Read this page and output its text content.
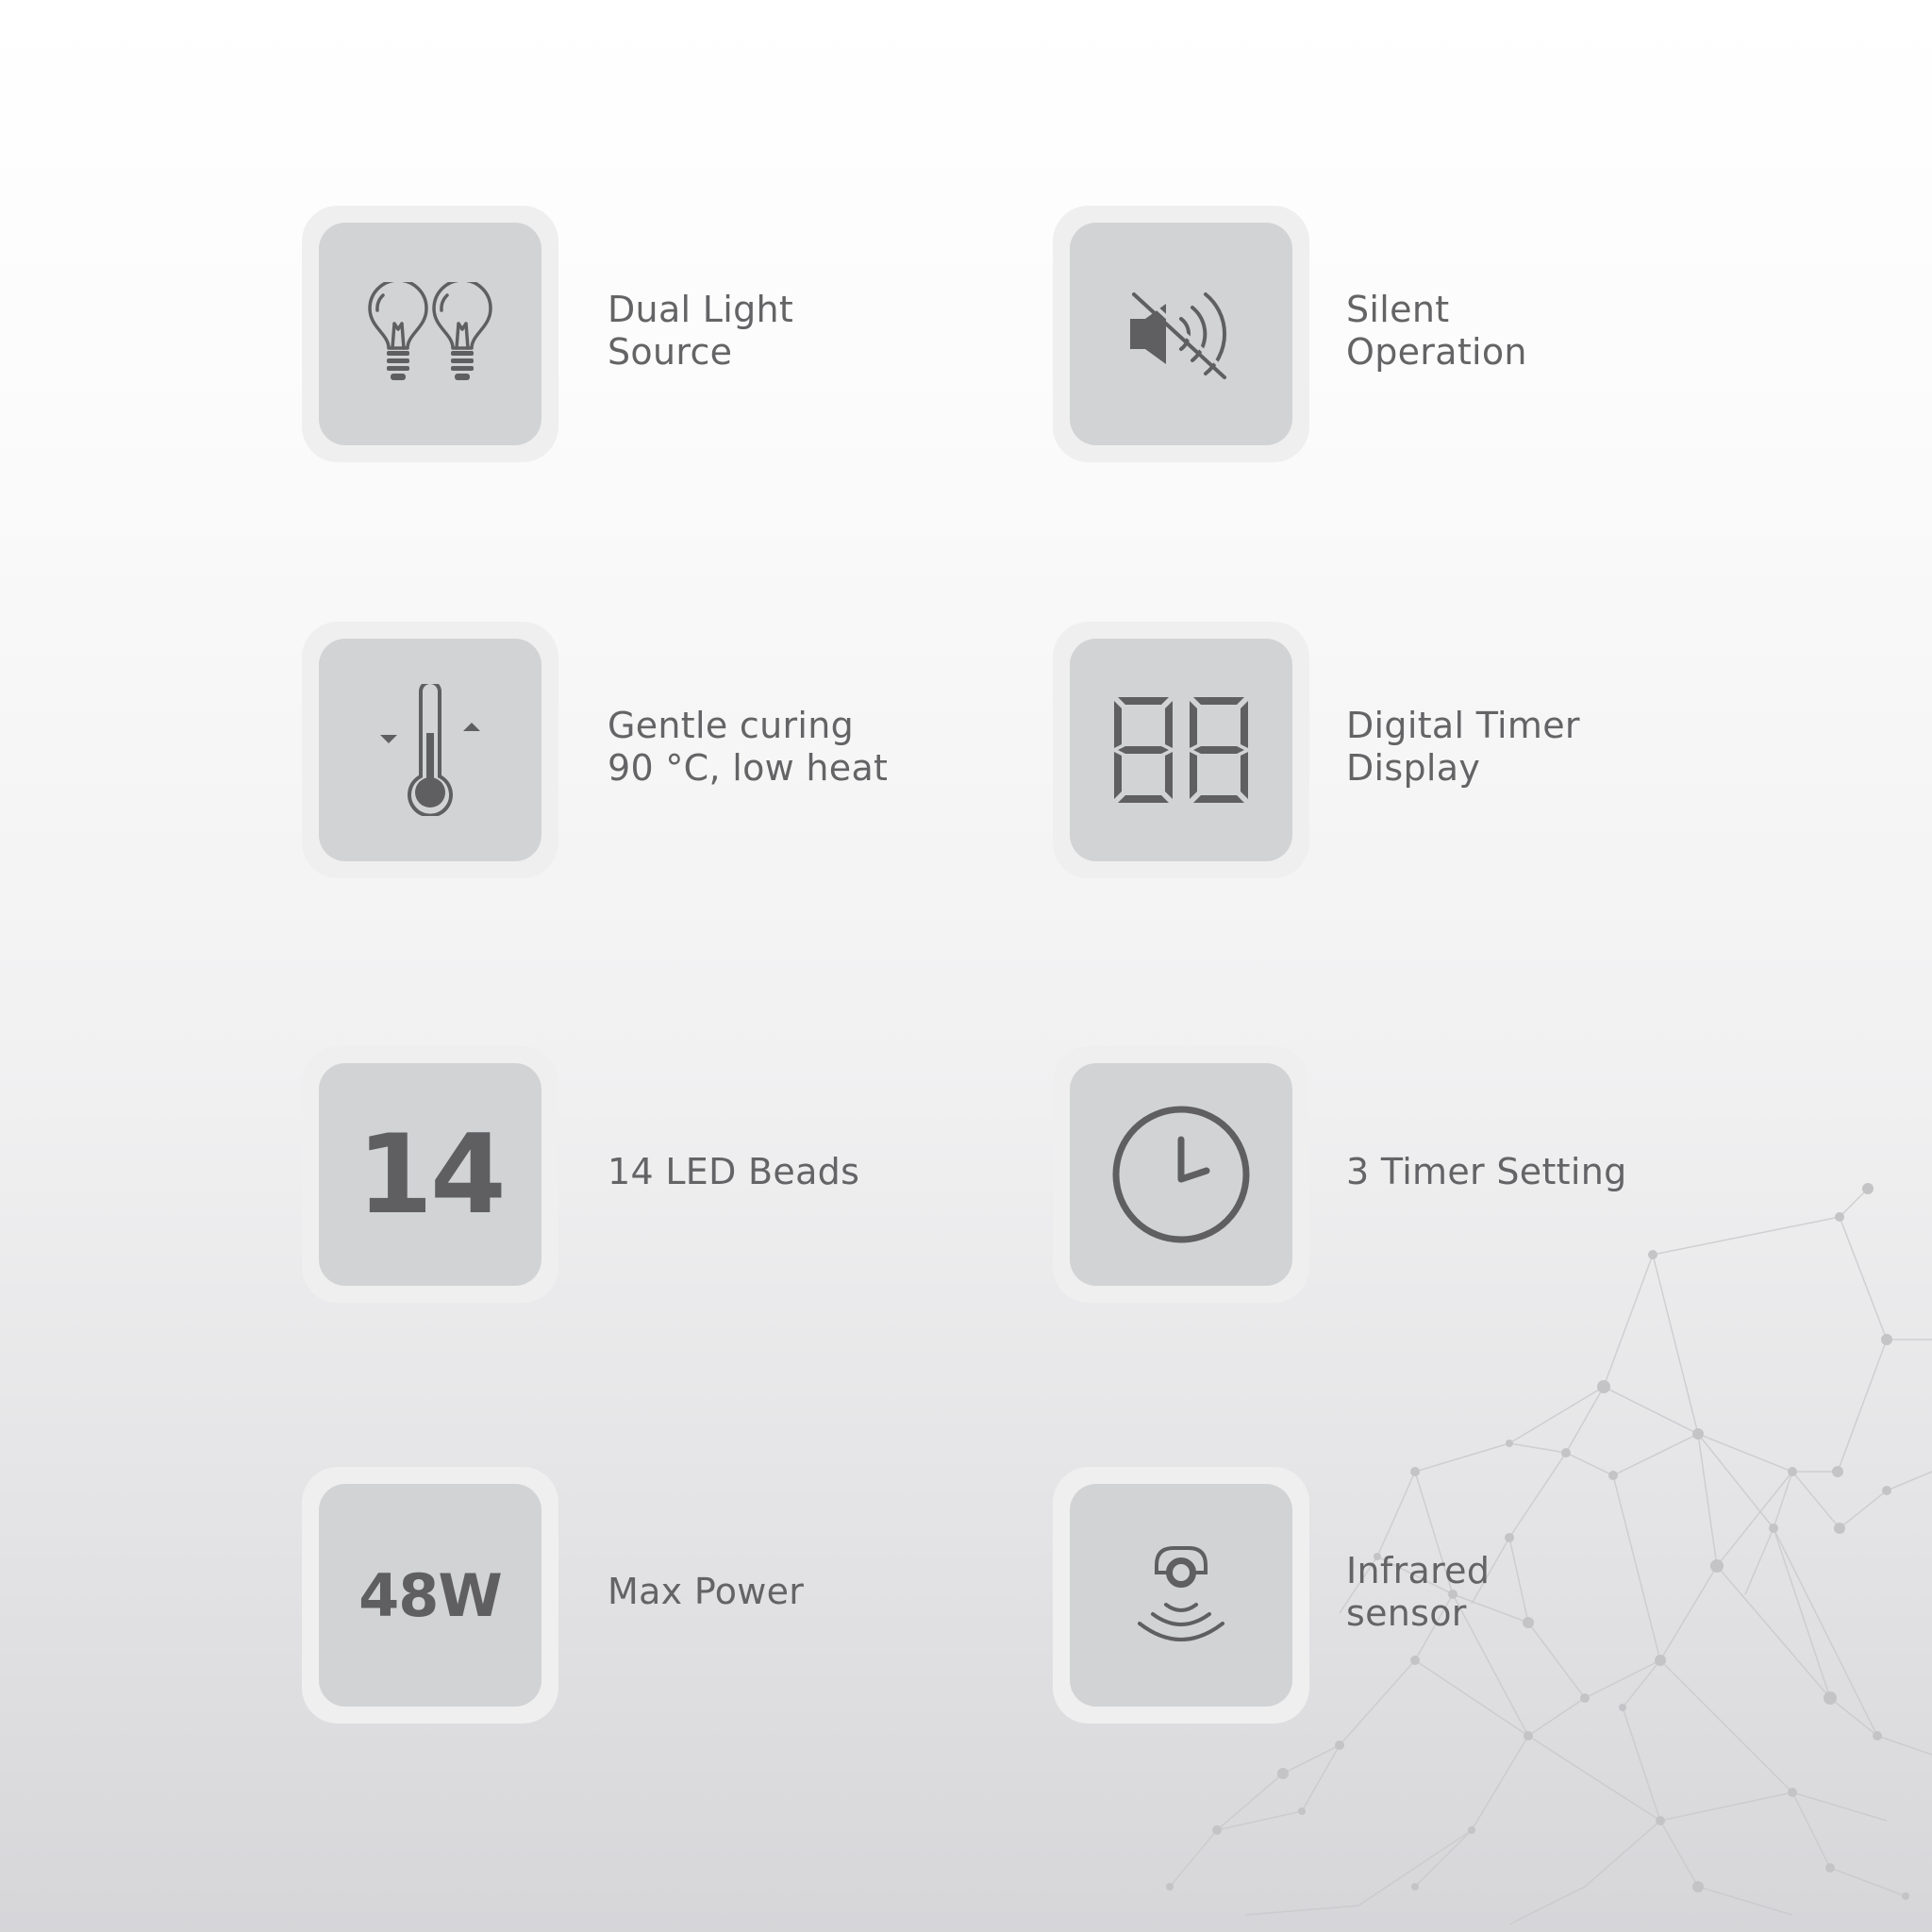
Dual Light
Source
Silent
Operation
Gentle curing
90 °C, low heat
Digital Timer
Display
14	14 LED Beads	3 Timer Setting
48W	Max Power	Infrared
sensor
